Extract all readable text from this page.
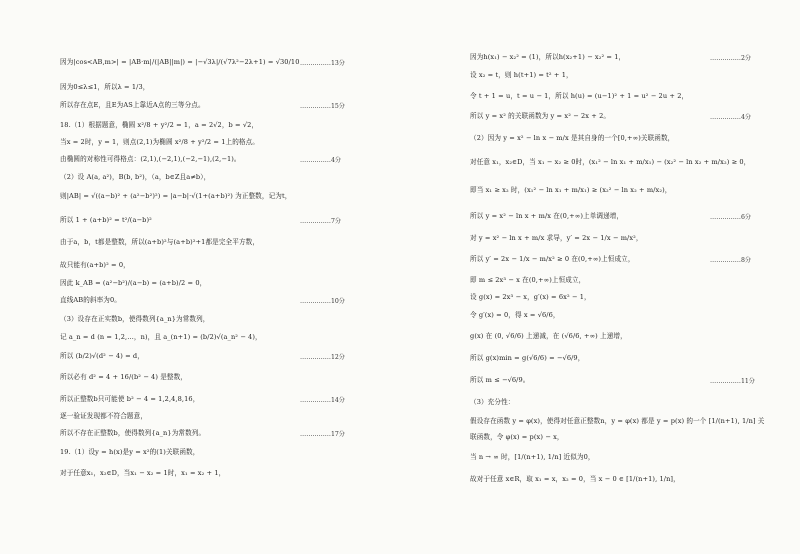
因为|cos<AB,m>| = |AB·m|/(|AB||m|) = |−√3λ|/(√7λ²−2λ+1) = √30/10
因为0≤λ≤1，所以λ = 1/3，
所以存在点E，且E为AS上靠近A点的三等分点。
18.（1）根据题意，椭圆 x²/8 + y²/2 = 1，a = 2√2，b = √2，
当x = 2时，y = 1，则点(2,1)为椭圆 x²/8 + y²/2 = 1上的格点。
由椭圆的对称性可得格点：(2,1),(−2,1),(−2,−1),(2,−1)。
（2）设 A(a, a²)，B(b, b²)，（a，b∈Z且a≠b），
则|AB| = √((a−b)² + (a²−b²)²) = |a−b|·√(1+(a+b)²) 为正整数，记为t，
所以 1 + (a+b)² = t²/(a−b)²
由于a，b，t都是整数，所以(a+b)²与(a+b)²+1都是完全平方数，
故只能有(a+b)² = 0，
因此 k_AB = (a²−b²)/(a−b) = (a+b)/2 = 0，
直线AB的斜率为0。
（3）设存在正实数b，使得数列{a_n}为常数列，
记 a_n = d (n = 1,2,…，n)，且 a_(n+1) = (b/2)√(a_n² − 4)，
所以 (b/2)√(d² − 4) = d，
所以必有 d² = 4 + 16/(b² − 4) 是整数，
所以正整数b只可能使 b² − 4 = 1,2,4,8,16，
逐一验证发现都不符合题意，
所以不存在正整数b，使得数列{a_n}为常数列。
19.（1）设y = h(x)是y = x²的(1)关联函数，
对于任意x₁，x₂∈D，当x₁ − x₂ = 1时，x₁ = x₂ + 1，
……………13分
……………15分
……………4分
……………7分
……………10分
……………12分
……………14分
……………17分
因为h(x₁) − x₂² = (1)，所以h(x₂+1) − x₂² = 1，
设 x₂ = t，则 h(t+1) = t² + 1，
令 t + 1 = u，t = u − 1，所以 h(u) = (u−1)² + 1 = u² − 2u + 2，
所以 y = x² 的关联函数为 y = x² − 2x + 2。
（2）因为 y = x² − ln x − m/x 是其自身的一个[0,+∞)关联函数，
对任意 x₁，x₂∈D，当 x₁ − x₂ ≥ 0时，(x₁² − ln x₁ + m/x₁) − (x₂² − ln x₂ + m/x₂) ≥ 0，
即当 x₁ ≥ x₂ 时，(x₁² − ln x₁ + m/x₁) ≥ (x₂² − ln x₂ + m/x₂)，
所以 y = x² − ln x + m/x 在(0,+∞)上单调递增，
对 y = x² − ln x + m/x 求导，y′ = 2x − 1/x − m/x²，
所以 y′ = 2x − 1/x − m/x² ≥ 0 在(0,+∞)上恒成立，
即 m ≤ 2x³ − x 在(0,+∞)上恒成立，
设 g(x) = 2x³ − x，g′(x) = 6x² − 1，
令 g′(x) = 0，得 x = √6/6，
g(x) 在 (0, √6/6) 上递减，在 (√6/6, +∞) 上递增，
所以 g(x)min = g(√6/6) = −√6/9，
所以 m ≤ −√6/9。
（3）充分性：
假设存在函数 y = φ(x)，使得对任意正整数n，y = φ(x) 都是 y = p(x) 的一个 [1/(n+1), 1/n] 关
联函数，令 φ(x) = p(x) − x，
当 n → ∞ 时，[1/(n+1), 1/n] 近似为0，
故对于任意 x∈R，取 x₁ = x，x₂ = 0，当 x − 0 ∈ [1/(n+1), 1/n]，
……………2分
……………4分
……………6分
……………8分
……………11分
